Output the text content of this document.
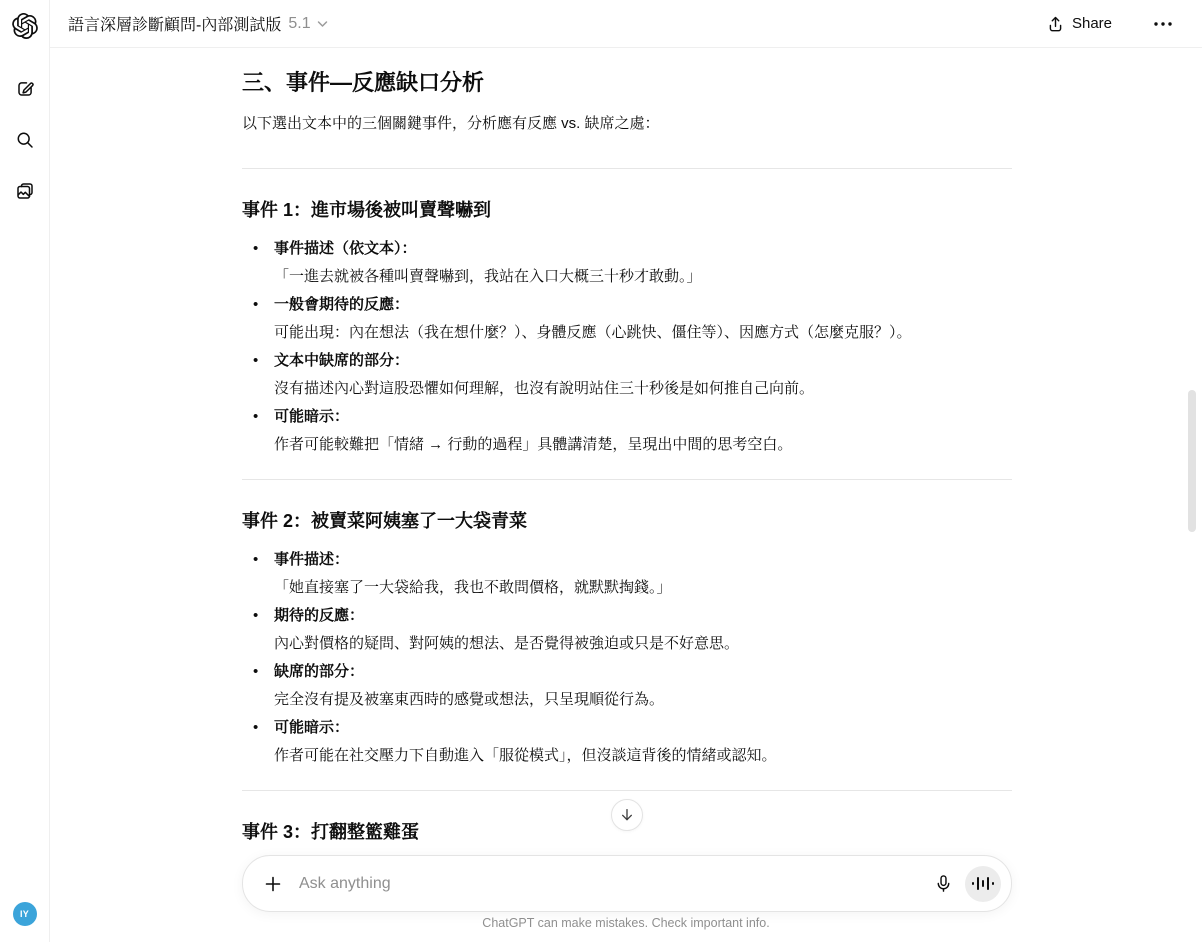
IY
語言深層診斷顧問-內部測試版 5.1	Share
三、事件—反應缺口分析

以下選出文本中的三個關鍵事件，分析應有反應 vs. 缺席之處：

事件 1：進市場後被叫賣聲嚇到
• 事件描述（依文本）：
「一進去就被各種叫賣聲嚇到，我站在入口大概三十秒才敢動。」
• 一般會期待的反應：
可能出現：內在想法（我在想什麼？）、身體反應（心跳快、僵住等）、因應方式（怎麼克服？）。
• 文本中缺席的部分：
沒有描述內心對這股恐懼如何理解，也沒有說明站住三十秒後是如何推自己向前。
• 可能暗示：
作者可能較難把「情緒 → 行動的過程」具體講清楚，呈現出中間的思考空白。
事件 2：被賣菜阿姨塞了一大袋青菜
• 事件描述：
「她直接塞了一大袋給我，我也不敢問價格，就默默掏錢。」
• 期待的反應：
內心對價格的疑問、對阿姨的想法、是否覺得被強迫或只是不好意思。
• 缺席的部分：
完全沒有提及被塞東西時的感覺或想法，只呈現順從行為。
• 可能暗示：
作者可能在社交壓力下自動進入「服從模式」，但沒談這背後的情緒或認知。
事件 3：打翻整籃雞蛋
Ask anything
ChatGPT can make mistakes. Check important info.
